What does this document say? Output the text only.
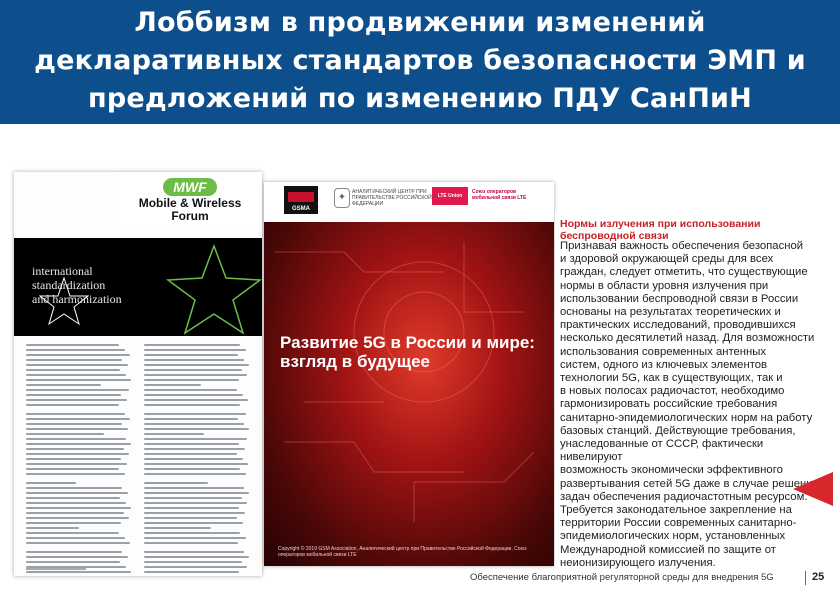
Лоббизм в продвижении изменений
декларативных стандартов безопасности ЭМП и
предложений по изменению ПДУ СанПиН
international
standardization
and harmonization
MWF
Mobile & Wireless
Forum	GSMA
✦	АНАЛИТИЧЕСКИЙ ЦЕНТР ПРИ ПРАВИТЕЛЬСТВЕ РОССИЙСКОЙ ФЕДЕРАЦИИ
LTE Union
Союз операторов мобильной связи LTE
Развитие 5G в России и мире:
взгляд в будущее
Copyright © 2019 GSM Association, Аналитический центр при Правительстве Российской Федерации, Союз операторов мобильной связи LTE
Нормы излучения при использовании
беспроводной связи
Признавая важность обеспечения безопасной
и здоровой окружающей среды для всех
граждан, следует отметить, что существующие
нормы в области уровня излучения при
использовании беспроводной связи в России
основаны на результатах теоретических и
практических исследований, проводившихся
несколько десятилетий назад. Для возможности
использования современных антенных
систем, одного из ключевых элементов
технологии 5G, как в существующих, так и
в новых полосах радиочастот, необходимо
гармонизировать российские требования
санитарно-эпидемиологических норм на работу
базовых станций. Действующие требования,
унаследованные от СССР, фактически нивелируют
возможность экономически эффективного
развертывания сетей 5G даже в случае решения
задач обеспечения радиочастотным ресурсом.
Требуется законодательное закрепление на
территории России современных санитарно-
эпидемиологических норм, установленных
Международной комиссией по защите от
неионизирующего излучения.
Обеспечение благоприятной регуляторной среды для внедрения 5G	25
